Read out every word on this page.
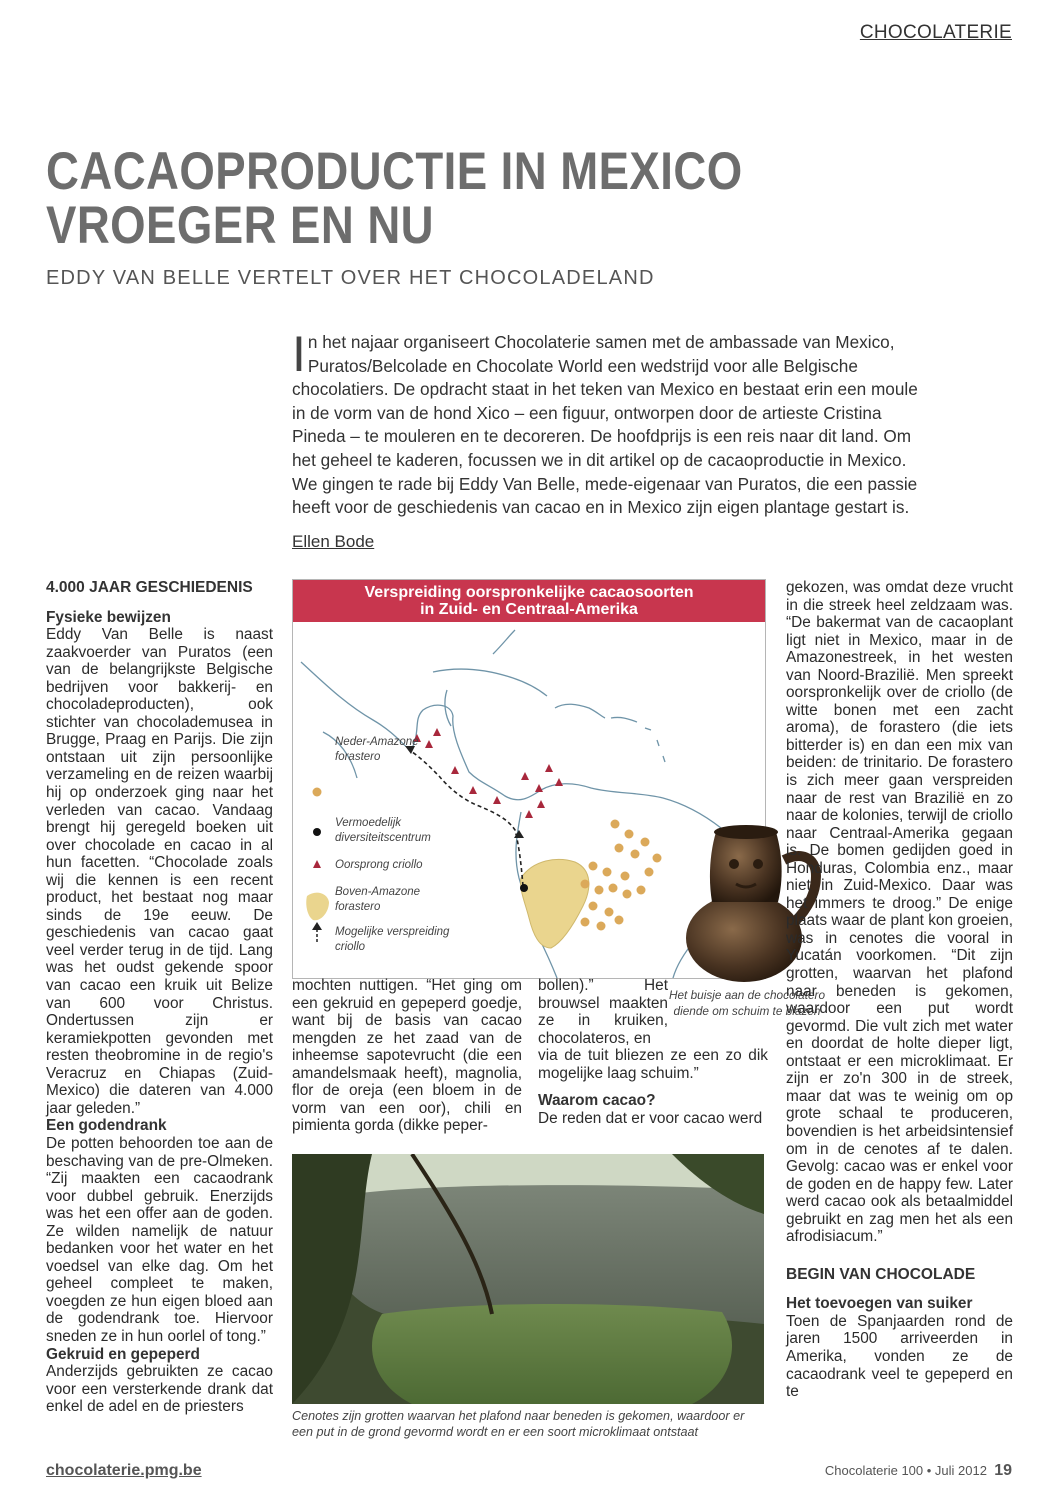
CHOCOLATERIE
CACAOPRODUCTIE IN MEXICO
VROEGER EN NU
EDDY VAN BELLE VERTELT OVER HET CHOCOLADELAND
In het najaar organiseert Chocolaterie samen met de ambassade van Mexico, Puratos/Belcolade en Chocolate World een wedstrijd voor alle Belgische chocolatiers. De opdracht staat in het teken van Mexico en bestaat erin een moule in de vorm van de hond Xico – een figuur, ontworpen door de artieste Cristina Pineda – te mouleren en te decoreren. De hoofdprijs is een reis naar dit land. Om het geheel te kaderen, focussen we in dit artikel op de cacaoproductie in Mexico. We gingen te rade bij Eddy Van Belle, mede-eigenaar van Puratos, die een passie heeft voor de geschiedenis van cacao en in Mexico zijn eigen plantage gestart is.
Ellen Bode

4.000 JAAR GESCHIEDENIS

Fysieke bewijzen

Eddy Van Belle is naast zaakvoerder van Puratos (een van de belangrijkste Belgische bedrijven voor bakkerij- en chocoladeproducten), ook stichter van chocolademusea in Brugge, Praag en Parijs. Die zijn ontstaan uit zijn persoonlijke verzameling en de reizen waarbij hij op onderzoek ging naar het verleden van cacao. Vandaag brengt hij geregeld boeken uit over chocolade en cacao in al hun facetten. “Chocolade zoals wij die kennen is een recent product, het bestaat nog maar sinds de 19e eeuw. De geschiedenis van cacao gaat veel verder terug in de tijd. Lang was het oudst gekende spoor van cacao een kruik uit Belize van 600 voor Christus. Ondertussen zijn er keramiekpotten gevonden met resten theobromine in de regio's Veracruz en Chiapas (Zuid-Mexico) die dateren van 4.000 jaar geleden.”

Een godendrank

De potten behoorden toe aan de beschaving van de pre-Olmeken. “Zij maakten een cacaodrank voor dubbel gebruik. Enerzijds was het een offer aan de goden. Ze wilden namelijk de natuur bedanken voor het water en het voedsel van elke dag. Om het geheel compleet te maken, voegden ze hun eigen bloed aan de godendrank toe. Hiervoor sneden ze in hun oorlel of tong.”

Gekruid en gepeperd

Anderzijds gebruikten ze cacao voor een versterkende drank dat enkel de adel en de priesters

Verspreiding oorspronkelijke cacaosoorten
in Zuid- en Centraal-Amerika
Neder-Amazone
forastero
Vermoedelijk
diversiteitscentrum
Oorsprong criollo
Boven-Amazone
forastero
Mogelijke verspreiding
criollo
Het buisje aan de chocolatero diende om schuim te blazen

mochten nuttigen. “Het ging om een gekruid en gepeperd goedje, want bij de basis van cacao mengden ze het zaad van de inheemse sapotevrucht (die een amandelsmaak heeft), magnolia, flor de oreja (een bloem in de vorm van een oor), chili en pimienta gorda (dikke peper-

bollen).” Het brouwsel maakten ze in kruiken, chocolateros, en

via de tuit bliezen ze een zo dik mogelijke laag schuim.”

Waarom cacao?

De reden dat er voor cacao werd

gekozen, was omdat deze vrucht in die streek heel zeldzaam was. “De bakermat van de cacaoplant ligt niet in Mexico, maar in de Amazonestreek, in het westen van Noord-Brazilië. Men spreekt oorspronkelijk over de criollo (de witte bonen met een zacht aroma), de forastero (die iets bitterder is) en dan een mix van beiden: de trinitario. De forastero is zich meer gaan verspreiden naar de rest van Brazilië en zo naar de kolonies, terwijl de criollo naar Centraal-Amerika gegaan is. De bomen gedijden goed in Honduras, Colombia enz., maar niet in Zuid-Mexico. Daar was het immers te droog.” De enige plaats waar de plant kon groeien, was in cenotes die vooral in Yucatán voorkomen. “Dit zijn grotten, waarvan het plafond naar beneden is gekomen, waardoor een put wordt gevormd. Die vult zich met water en doordat de holte dieper ligt, ontstaat er een microklimaat. Er zijn er zo'n 300 in de streek, maar dat was te weinig om op grote schaal te produceren, bovendien is het arbeidsintensief om in de cenotes af te dalen. Gevolg: cacao was er enkel voor de goden en de happy few. Later werd cacao ook als betaalmiddel gebruikt en zag men het als een afrodisiacum.”

BEGIN VAN CHOCOLADE

Het toevoegen van suiker

Toen de Spanjaarden rond de jaren 1500 arriveerden in Amerika, vonden ze de cacaodrank veel te gepeperd en te

Cenotes zijn grotten waarvan het plafond naar beneden is gekomen, waardoor er een put in de grond gevormd wordt en er een soort microklimaat ontstaat
chocolaterie.pmg.be	Chocolaterie 100 • Juli 2012 19
